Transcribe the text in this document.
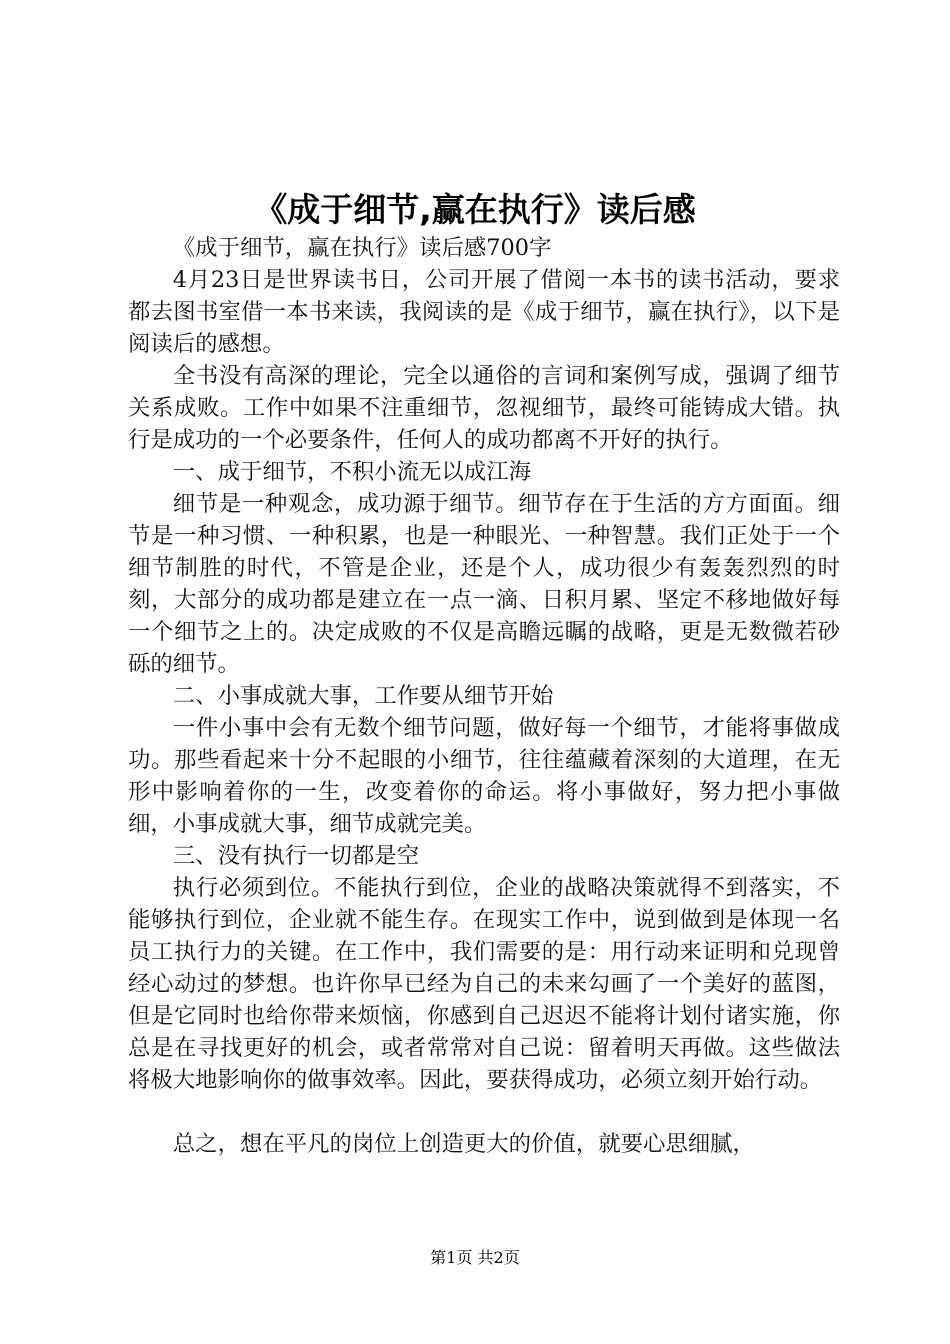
《成于细节,赢在执行》读后感

《成于细节，赢在执行》读后感700字

4月23日是世界读书日，公司开展了借阅一本书的读书活动，要求都去图书室借一本书来读，我阅读的是《成于细节，赢在执行》，以下是阅读后的感想。

全书没有高深的理论，完全以通俗的言词和案例写成，强调了细节关系成败。工作中如果不注重细节，忽视细节，最终可能铸成大错。执行是成功的一个必要条件，任何人的成功都离不开好的执行。

一、成于细节，不积小流无以成江海

细节是一种观念，成功源于细节。细节存在于生活的方方面面。细节是一种习惯、一种积累，也是一种眼光、一种智慧。我们正处于一个细节制胜的时代，不管是企业，还是个人，成功很少有轰轰烈烈的时刻，大部分的成功都是建立在一点一滴、日积月累、坚定不移地做好每一个细节之上的。决定成败的不仅是高瞻远瞩的战略，更是无数微若砂砾的细节。

二、小事成就大事，工作要从细节开始

一件小事中会有无数个细节问题，做好每一个细节，才能将事做成功。那些看起来十分不起眼的小细节，往往蕴藏着深刻的大道理，在无形中影响着你的一生，改变着你的命运。将小事做好，努力把小事做细，小事成就大事，细节成就完美。

三、没有执行一切都是空

执行必须到位。不能执行到位，企业的战略决策就得不到落实，不能够执行到位，企业就不能生存。在现实工作中，说到做到是体现一名员工执行力的关键。在工作中，我们需要的是：用行动来证明和兑现曾经心动过的梦想。也许你早已经为自己的未来勾画了一个美好的蓝图，但是它同时也给你带来烦恼，你感到自己迟迟不能将计划付诸实施，你总是在寻找更好的机会，或者常常对自己说：留着明天再做。这些做法将极大地影响你的做事效率。因此，要获得成功，必须立刻开始行动。

总之，想在平凡的岗位上创造更大的价值，就要心思细腻，

第1页 共2页
